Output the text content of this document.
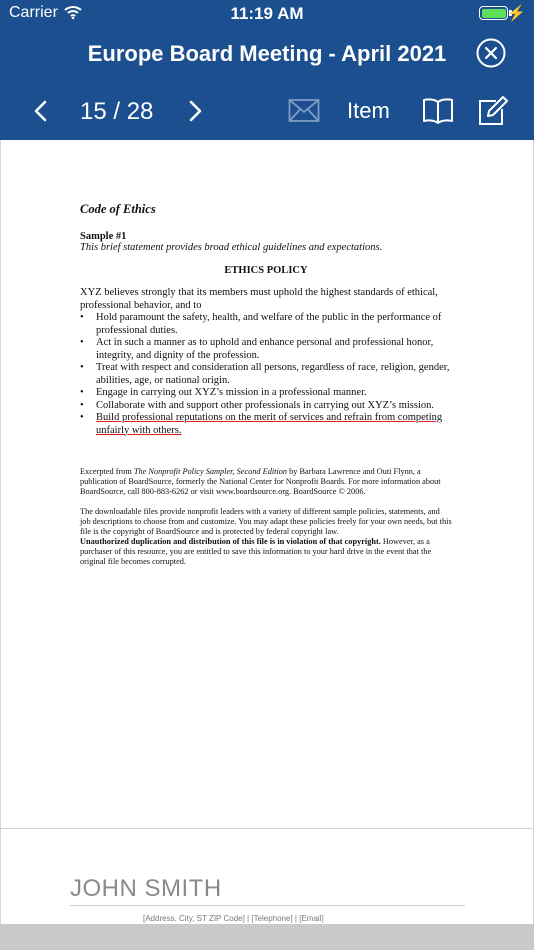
Carrier	11:19 AM	⚡
Europe Board Meeting - April 2021
15 / 28	Item
Code of Ethics
Sample #1
This brief statement provides broad ethical guidelines and expectations.
ETHICS POLICY
XYZ believes strongly that its members must uphold the highest standards of ethical, professional behavior, and to
• Hold paramount the safety, health, and welfare of the public in the performance of professional duties.
• Act in such a manner as to uphold and enhance personal and professional honor, integrity, and dignity of the profession.
• Treat with respect and consideration all persons, regardless of race, religion, gender, abilities, age, or national origin.
• Engage in carrying out XYZ’s mission in a professional manner.
• Collaborate with and support other professionals in carrying out XYZ’s mission.
• Build professional reputations on the merit of services and refrain from competing unfairly with others.
Excerpted from The Nonprofit Policy Sampler, Second Edition by Barbara Lawrence and Outi Flynn, a publication of BoardSource, formerly the National Center for Nonprofit Boards. For more information about BoardSource, call 800-883-6262 or visit www.boardsource.org. BoardSource © 2006.
The downloadable files provide nonprofit leaders with a variety of different sample policies, statements, and job descriptions to choose from and customize. You may adapt these policies freely for your own needs, but this file is the copyright of BoardSource and is protected by federal copyright law.
Unauthorized duplication and distribution of this file is in violation of that copyright. However, as a purchaser of this resource, you are entitled to save this information to your hard drive in the event that the original file becomes corrupted.
JOHN SMITH
[Address, City, ST ZIP Code] | [Telephone] | [Email]
